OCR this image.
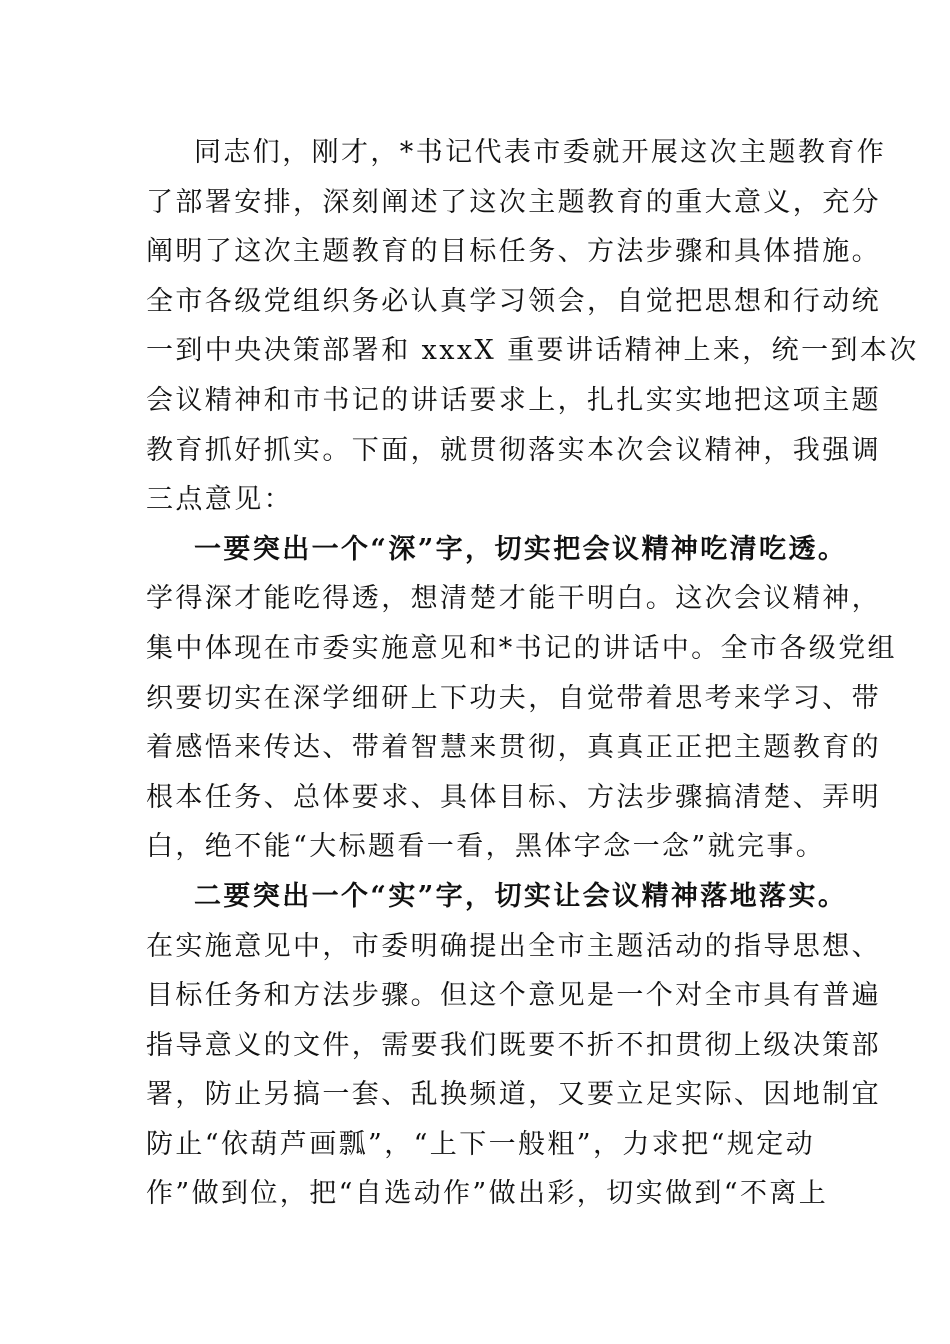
同志们，刚才，*书记代表市委就开展这次主题教育作
了部署安排，深刻阐述了这次主题教育的重大意义，充分
阐明了这次主题教育的目标任务、方法步骤和具体措施。
全市各级党组织务必认真学习领会，自觉把思想和行动统
一到中央决策部署和 xxxX 重要讲话精神上来，统一到本次
会议精神和市书记的讲话要求上，扎扎实实地把这项主题
教育抓好抓实。下面，就贯彻落实本次会议精神，我强调
三点意见：
一要突出一个“深”字，切实把会议精神吃清吃透。
学得深才能吃得透，想清楚才能干明白。这次会议精神，
集中体现在市委实施意见和*书记的讲话中。全市各级党组
织要切实在深学细研上下功夫，自觉带着思考来学习、带
着感悟来传达、带着智慧来贯彻，真真正正把主题教育的
根本任务、总体要求、具体目标、方法步骤搞清楚、弄明
白，绝不能“大标题看一看，黑体字念一念”就完事。
二要突出一个“实”字，切实让会议精神落地落实。
在实施意见中，市委明确提出全市主题活动的指导思想、
目标任务和方法步骤。但这个意见是一个对全市具有普遍
指导意义的文件，需要我们既要不折不扣贯彻上级决策部
署，防止另搞一套、乱换频道，又要立足实际、因地制宜
防止“依葫芦画瓢”，“上下一般粗”，力求把“规定动
作”做到位，把“自选动作”做出彩，切实做到“不离上
